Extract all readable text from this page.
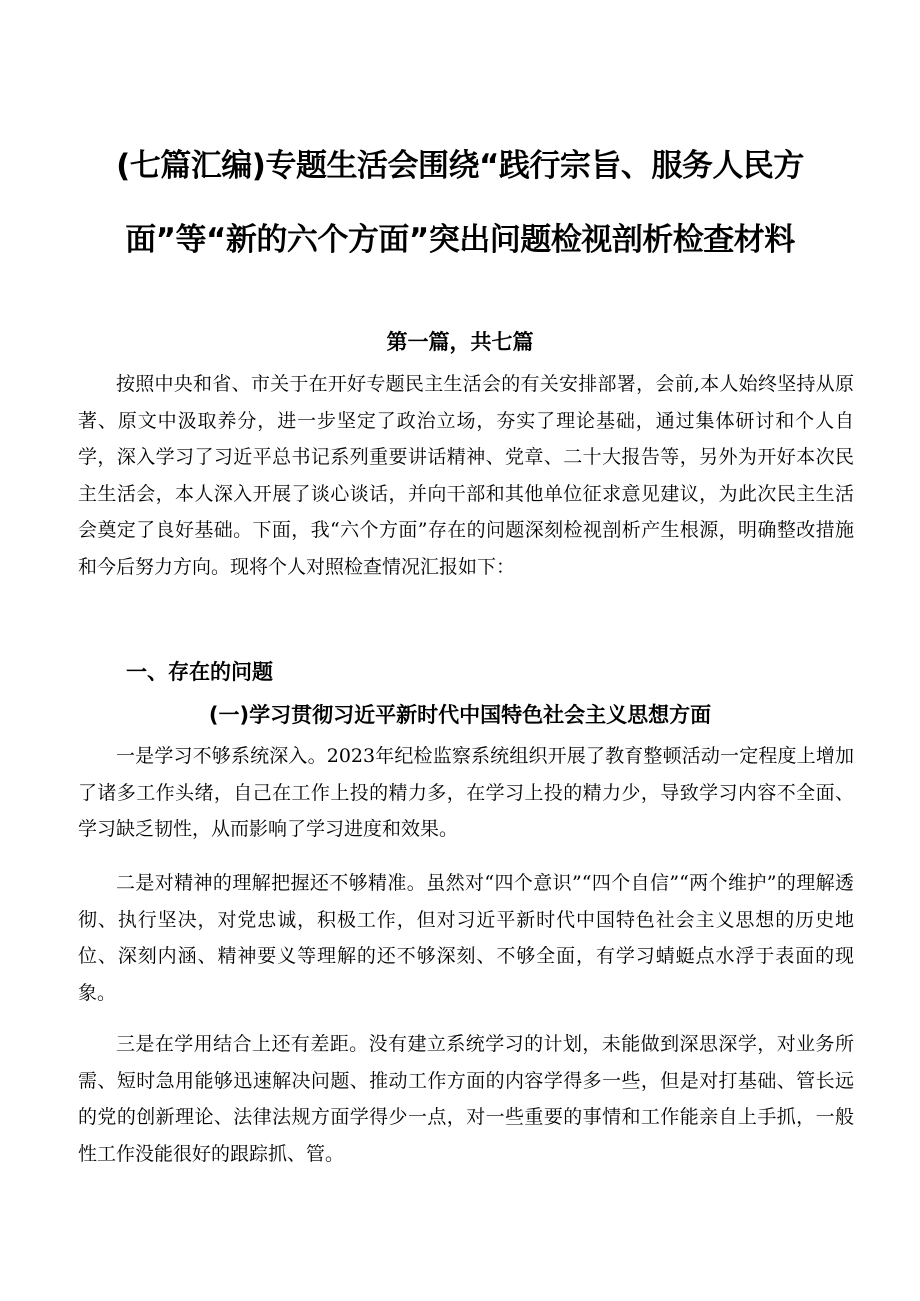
(七篇汇编)专题生活会围绕“践行宗旨、服务人民方
面”等“新的六个方面”突出问题检视剖析检查材料
第一篇，共七篇
按照中央和省、市关于在开好专题民主生活会的有关安排部署，会前,本人始终坚持从原著、原文中汲取养分，进一步坚定了政治立场，夯实了理论基础，通过集体研讨和个人自学，深入学习了习近平总书记系列重要讲话精神、党章、二十大报告等，另外为开好本次民主生活会，本人深入开展了谈心谈话，并向干部和其他单位征求意见建议，为此次民主生活会奠定了良好基础。下面，我“六个方面”存在的问题深刻检视剖析产生根源，明确整改措施和今后努力方向。现将个人对照检查情况汇报如下：
一、存在的问题
(一)学习贯彻习近平新时代中国特色社会主义思想方面
一是学习不够系统深入。2023年纪检监察系统组织开展了教育整顿活动一定程度上增加了诸多工作头绪，自己在工作上投的精力多，在学习上投的精力少，导致学习内容不全面、学习缺乏韧性，从而影响了学习进度和效果。
二是对精神的理解把握还不够精准。虽然对“四个意识”“四个自信”“两个维护”的理解透彻、执行坚决，对党忠诚，积极工作，但对习近平新时代中国特色社会主义思想的历史地位、深刻内涵、精神要义等理解的还不够深刻、不够全面，有学习蜻蜓点水浮于表面的现象。
三是在学用结合上还有差距。没有建立系统学习的计划，未能做到深思深学，对业务所需、短时急用能够迅速解决问题、推动工作方面的内容学得多一些，但是对打基础、管长远的党的创新理论、法律法规方面学得少一点，对一些重要的事情和工作能亲自上手抓，一般性工作没能很好的跟踪抓、管。
